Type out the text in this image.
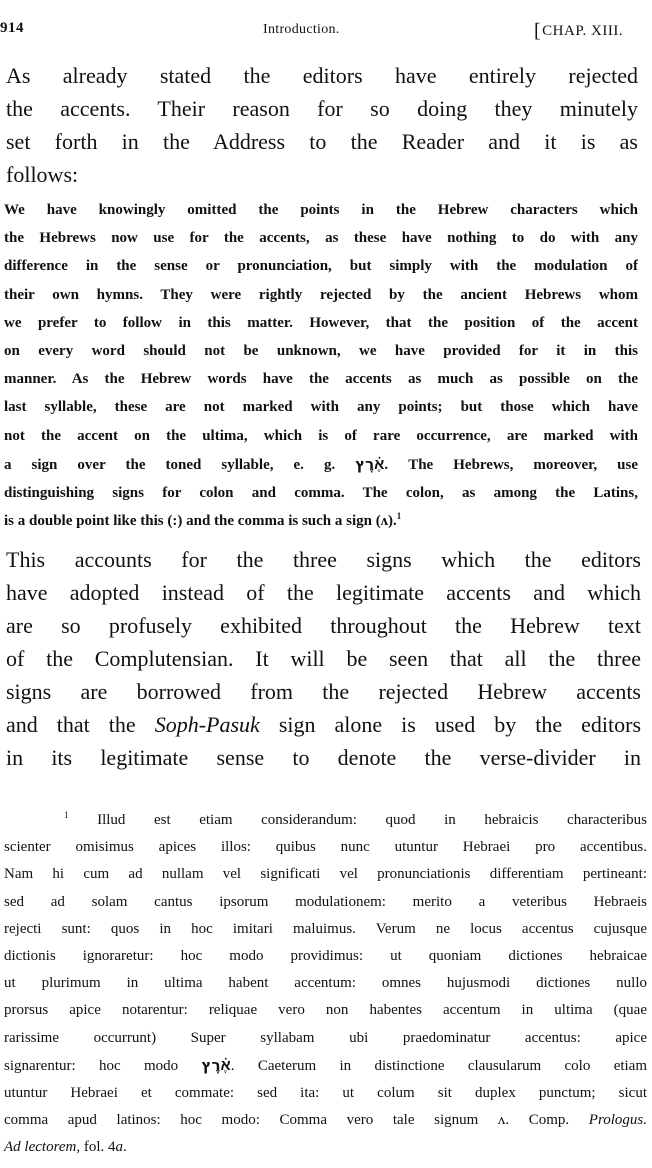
914	Introduction.	[CHAP. XIII.
As already stated the editors have entirely rejected
the accents. Their reason for so doing they minutely
set forth in the Address to the Reader and it is as
follows:
We have knowingly omitted the points in the Hebrew characters which
the Hebrews now use for the accents, as these have nothing to do with any
difference in the sense or pronunciation, but simply with the modulation of
their own hymns. They were rightly rejected by the ancient Hebrews whom
we prefer to follow in this matter. However, that the position of the accent
on every word should not be unknown, we have provided for it in this
manner. As the Hebrew words have the accents as much as possible on the
last syllable, these are not marked with any points; but those which have
not the accent on the ultima, which is of rare occurrence, are marked with
a sign over the toned syllable, e. g. אֶ֗רֶץ. The Hebrews, moreover, use
distinguishing signs for colon and comma. The colon, as among the Latins,
is a double point like this (:) and the comma is such a sign (ᴧ).$^1$
This accounts for the three signs which the editors
have adopted instead of the legitimate accents and which
are so profusely exhibited throughout the Hebrew text
of the Complutensian. It will be seen that all the three
signs are borrowed from the rejected Hebrew accents
and that the Soph-Pasuk sign alone is used by the editors
in its legitimate sense to denote the verse-divider in
$^1$ Illud est etiam considerandum: quod in hebraicis characteribus
scienter omisimus apices illos: quibus nunc utuntur Hebraei pro accentibus.
Nam hi cum ad nullam vel significati vel pronunciationis differentiam pertineant:
sed ad solam cantus ipsorum modulationem: merito a veteribus Hebraeis
rejecti sunt: quos in hoc imitari maluimus. Verum ne locus accentus cujusque
dictionis ignoraretur: hoc modo providimus: ut quoniam dictiones hebraicae
ut plurimum in ultima habent accentum: omnes hujusmodi dictiones nullo
prorsus apice notarentur: reliquae vero non habentes accentum in ultima (quae
rarissime occurrunt) Super syllabam ubi praedominatur accentus: apice
signarentur: hoc modo אֶ֗רֶץ. Caeterum in distinctione clausularum colo etiam
utuntur Hebraei et commate: sed ita: ut colum sit duplex punctum; sicut
comma apud latinos: hoc modo: Comma vero tale signum ᴧ. Comp. Prologus.
Ad lectorem, fol. 4a.
